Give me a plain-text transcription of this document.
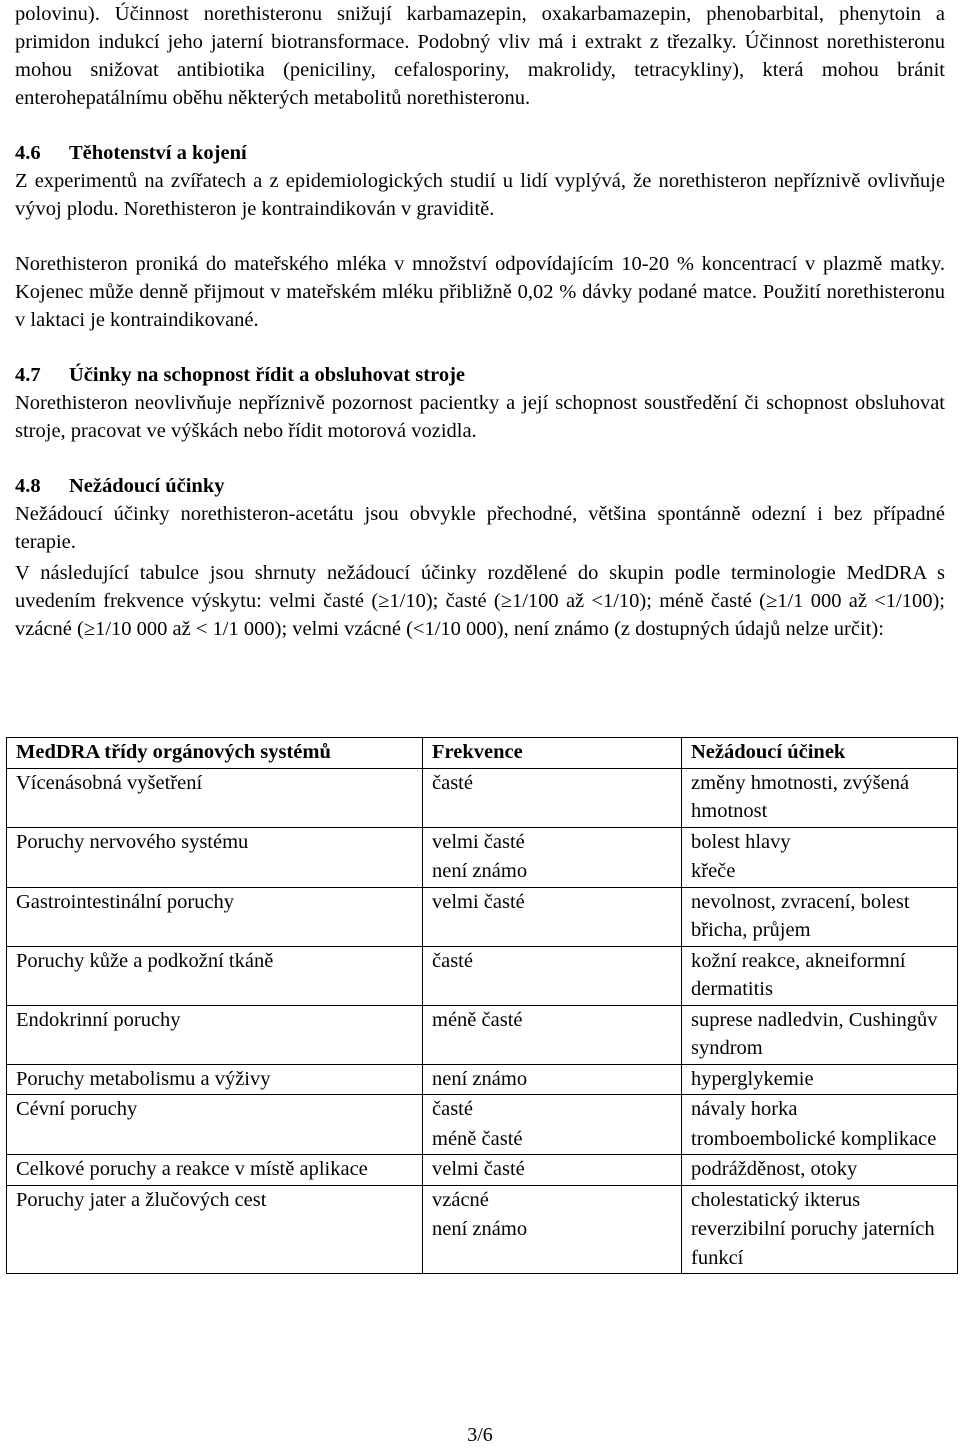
polovinu). Účinnost norethisteronu snižují karbamazepin, oxakarbamazepin, phenobarbital, phenytoin a primidon indukcí jeho jaterní biotransformace. Podobný vliv má i extrakt z třezalky. Účinnost norethisteronu mohou snižovat antibiotika (peniciliny, cefalosporiny, makrolidy, tetracykliny), která mohou bránit enterohepatálnímu oběhu některých metabolitů norethisteronu.

4.6 Těhotenství a kojení

Z experimentů na zvířatech a z epidemiologických studií u lidí vyplývá, že norethisteron nepříznivě ovlivňuje vývoj plodu. Norethisteron je kontraindikován v graviditě.

Norethisteron proniká do mateřského mléka v množství odpovídajícím 10-20 % koncentrací v plazmě matky. Kojenec může denně přijmout v mateřském mléku přibližně 0,02 % dávky podané matce. Použití norethisteronu v laktaci je kontraindikované.

4.7 Účinky na schopnost řídit a obsluhovat stroje

Norethisteron neovlivňuje nepříznivě pozornost pacientky a její schopnost soustředění či schopnost obsluhovat stroje, pracovat ve výškách nebo řídit motorová vozidla.

4.8 Nežádoucí účinky

Nežádoucí účinky norethisteron-acetátu jsou obvykle přechodné, většina spontánně odezní i bez případné terapie.

V následující tabulce jsou shrnuty nežádoucí účinky rozdělené do skupin podle terminologie MedDRA s uvedením frekvence výskytu: velmi časté (≥1/10); časté (≥1/100 až <1/10); méně časté (≥1/1 000 až <1/100); vzácné (≥1/10 000 až < 1/1 000); velmi vzácné (<1/10 000), není známo (z dostupných údajů nelze určit):

MedDRA třídy orgánových systémů	Frekvence	Nežádoucí účinek
Vícenásobná vyšetření	časté	změny hmotnosti, zvýšená hmotnost
Poruchy nervového systému	velmi časté	bolest hlavy
	není známo	křeče
Gastrointestinální poruchy	velmi časté	nevolnost, zvracení, bolest břicha, průjem
Poruchy kůže a podkožní tkáně	časté	kožní reakce, akneiformní dermatitis
Endokrinní poruchy	méně časté	suprese nadledvin, Cushingův syndrom
Poruchy metabolismu a výživy	není známo	hyperglykemie
Cévní poruchy	časté	návaly horka
	méně časté	tromboembolické komplikace
Celkové poruchy a reakce v místě aplikace	velmi časté	podrážděnost, otoky
Poruchy jater a žlučových cest	vzácné	cholestatický ikterus
	není známo	reverzibilní poruchy jaterních funkcí
3/6
